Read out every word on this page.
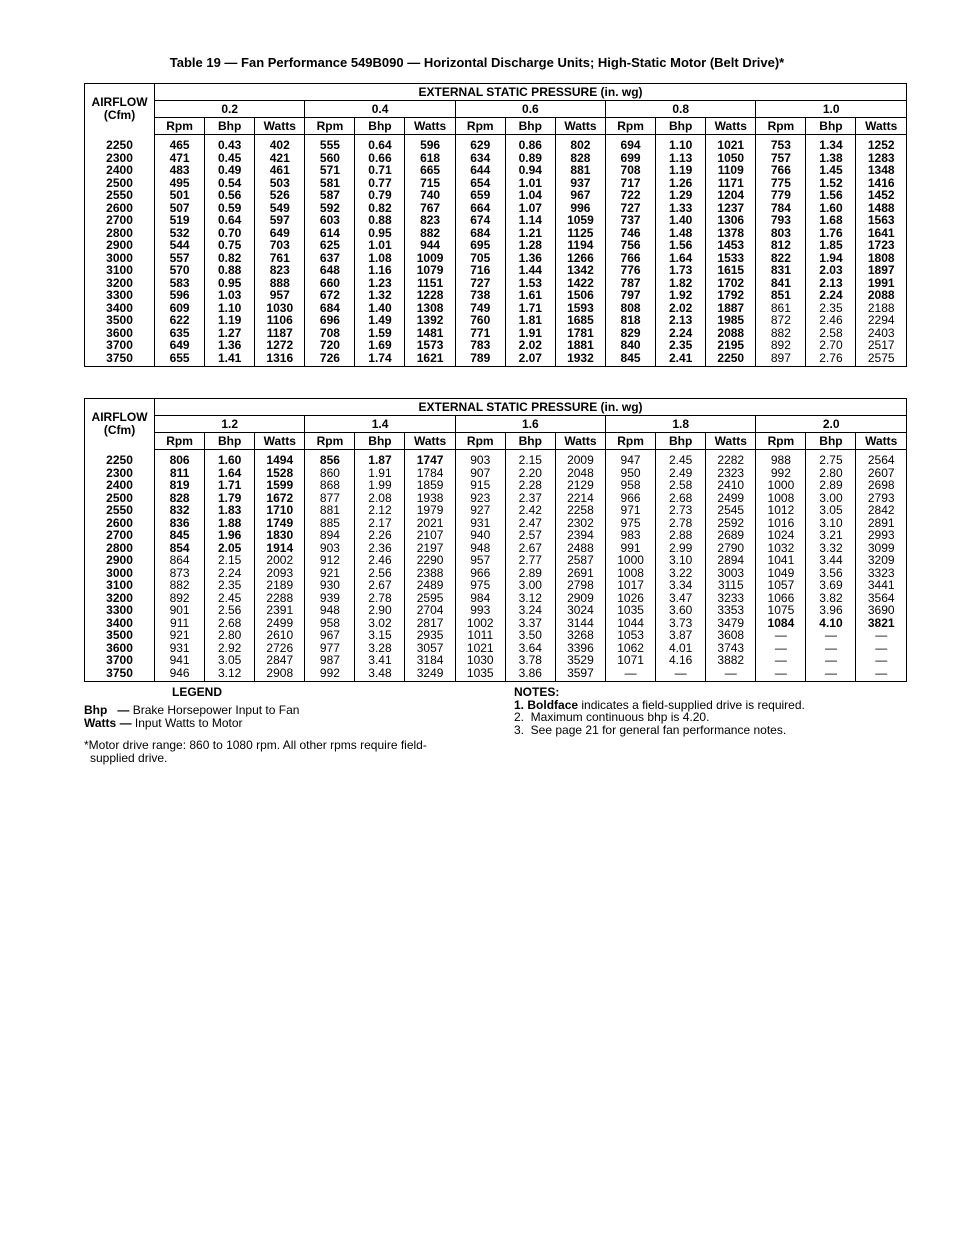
Table 19 — Fan Performance 549B090 — Horizontal Discharge Units; High-Static Motor (Belt Drive)*
AIRFLOW
(Cfm)	EXTERNAL STATIC PRESSURE (in. wg)														
	0.2			0.4			0.6			0.8			1.0		
	Rpm	Bhp	Watts	Rpm	Bhp	Watts	Rpm	Bhp	Watts	Rpm	Bhp	Watts	Rpm	Bhp	Watts
2250	465	0.43	402	555	0.64	596	629	0.86	802	694	1.10	1021	753	1.34	1252
2300	471	0.45	421	560	0.66	618	634	0.89	828	699	1.13	1050	757	1.38	1283
2400	483	0.49	461	571	0.71	665	644	0.94	881	708	1.19	1109	766	1.45	1348
2500	495	0.54	503	581	0.77	715	654	1.01	937	717	1.26	1171	775	1.52	1416
2550	501	0.56	526	587	0.79	740	659	1.04	967	722	1.29	1204	779	1.56	1452
2600	507	0.59	549	592	0.82	767	664	1.07	996	727	1.33	1237	784	1.60	1488
2700	519	0.64	597	603	0.88	823	674	1.14	1059	737	1.40	1306	793	1.68	1563
2800	532	0.70	649	614	0.95	882	684	1.21	1125	746	1.48	1378	803	1.76	1641
2900	544	0.75	703	625	1.01	944	695	1.28	1194	756	1.56	1453	812	1.85	1723
3000	557	0.82	761	637	1.08	1009	705	1.36	1266	766	1.64	1533	822	1.94	1808
3100	570	0.88	823	648	1.16	1079	716	1.44	1342	776	1.73	1615	831	2.03	1897
3200	583	0.95	888	660	1.23	1151	727	1.53	1422	787	1.82	1702	841	2.13	1991
3300	596	1.03	957	672	1.32	1228	738	1.61	1506	797	1.92	1792	851	2.24	2088
3400	609	1.10	1030	684	1.40	1308	749	1.71	1593	808	2.02	1887	861	2.35	2188
3500	622	1.19	1106	696	1.49	1392	760	1.81	1685	818	2.13	1985	872	2.46	2294
3600	635	1.27	1187	708	1.59	1481	771	1.91	1781	829	2.24	2088	882	2.58	2403
3700	649	1.36	1272	720	1.69	1573	783	2.02	1881	840	2.35	2195	892	2.70	2517
3750	655	1.41	1316	726	1.74	1621	789	2.07	1932	845	2.41	2250	897	2.76	2575
AIRFLOW
(Cfm)	EXTERNAL STATIC PRESSURE (in. wg)														
	1.2			1.4			1.6			1.8			2.0		
	Rpm	Bhp	Watts	Rpm	Bhp	Watts	Rpm	Bhp	Watts	Rpm	Bhp	Watts	Rpm	Bhp	Watts
2250	806	1.60	1494	856	1.87	1747	903	2.15	2009	947	2.45	2282	988	2.75	2564
2300	811	1.64	1528	860	1.91	1784	907	2.20	2048	950	2.49	2323	992	2.80	2607
2400	819	1.71	1599	868	1.99	1859	915	2.28	2129	958	2.58	2410	1000	2.89	2698
2500	828	1.79	1672	877	2.08	1938	923	2.37	2214	966	2.68	2499	1008	3.00	2793
2550	832	1.83	1710	881	2.12	1979	927	2.42	2258	971	2.73	2545	1012	3.05	2842
2600	836	1.88	1749	885	2.17	2021	931	2.47	2302	975	2.78	2592	1016	3.10	2891
2700	845	1.96	1830	894	2.26	2107	940	2.57	2394	983	2.88	2689	1024	3.21	2993
2800	854	2.05	1914	903	2.36	2197	948	2.67	2488	991	2.99	2790	1032	3.32	3099
2900	864	2.15	2002	912	2.46	2290	957	2.77	2587	1000	3.10	2894	1041	3.44	3209
3000	873	2.24	2093	921	2.56	2388	966	2.89	2691	1008	3.22	3003	1049	3.56	3323
3100	882	2.35	2189	930	2.67	2489	975	3.00	2798	1017	3.34	3115	1057	3.69	3441
3200	892	2.45	2288	939	2.78	2595	984	3.12	2909	1026	3.47	3233	1066	3.82	3564
3300	901	2.56	2391	948	2.90	2704	993	3.24	3024	1035	3.60	3353	1075	3.96	3690
3400	911	2.68	2499	958	3.02	2817	1002	3.37	3144	1044	3.73	3479	1084	4.10	3821
3500	921	2.80	2610	967	3.15	2935	1011	3.50	3268	1053	3.87	3608	—	—	—
3600	931	2.92	2726	977	3.28	3057	1021	3.64	3396	1062	4.01	3743	—	—	—
3700	941	3.05	2847	987	3.41	3184	1030	3.78	3529	1071	4.16	3882	—	—	—
3750	946	3.12	2908	992	3.48	3249	1035	3.86	3597	—	—	—	—	—	—
LEGEND
Bhp — Brake Horsepower Input to Fan
Watts — Input Watts to Motor
*Motor drive range: 860 to 1080 rpm. All other rpms require field-
supplied drive.
NOTES:
1. Boldface indicates a field-supplied drive is required.
2.  Maximum continuous bhp is 4.20.
3.  See page 21 for general fan performance notes.
